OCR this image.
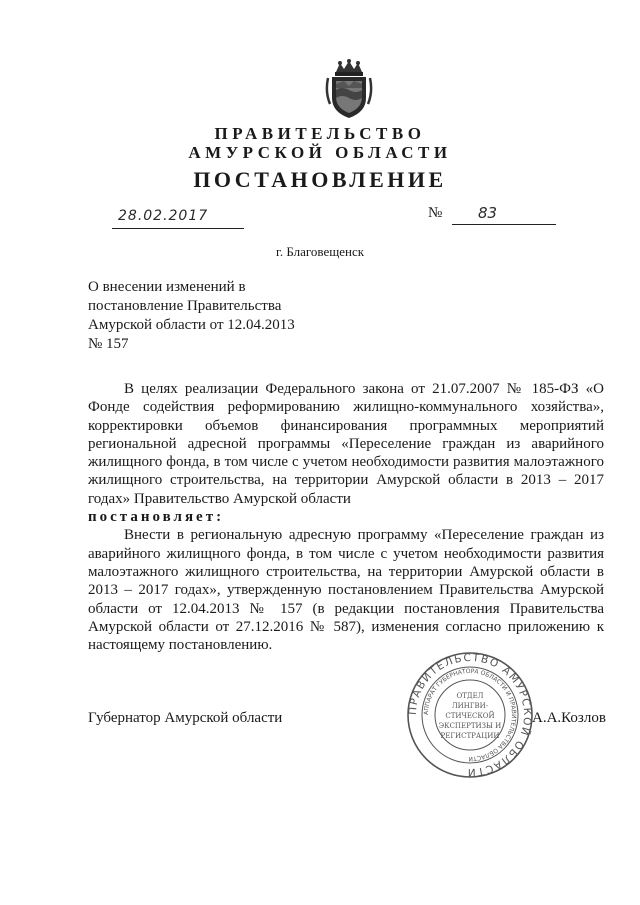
ПРАВИТЕЛЬСТВО
АМУРСКОЙ ОБЛАСТИ
ПОСТАНОВЛЕНИЕ
28.02.2017	№ 83
г. Благовещенск
О внесении изменений в
постановление Правительства
Амурской области от 12.04.2013
№ 157

В целях реализации Федерального закона от 21.07.2007 № 185-ФЗ «О Фонде содействия реформированию жилищно-коммунального хозяйства», корректировки объемов финансирования программных мероприятий региональной адресной программы «Переселение граждан из аварийного жилищного фонда, в том числе с учетом необходимости развития малоэтажного жилищного строительства, на территории Амурской области в 2013 – 2017 годах» Правительство Амурской области

постановляет:

Внести в региональную адресную программу «Переселение граждан из аварийного жилищного фонда, в том числе с учетом необходимости развития малоэтажного жилищного строительства, на территории Амурской области в 2013 – 2017 годах», утвержденную постановлением Правительства Амурской области от 12.04.2013 № 157 (в редакции постановления Правительства Амурской области от 27.12.2016 № 587), изменения согласно приложению к настоящему постановлению.

Губернатор Амурской области	А.А.Козлов
ПРАВИТЕЛЬСТВО АМУРСКОЙ ОБЛАСТИ
АППАРАТ ГУБЕРНАТОРА ОБЛАСТИ И ПРАВИТЕЛЬСТВА ОБЛАСТИ
ОТДЕЛ
ЛИНГВИ-
СТИЧЕСКОЙ
ЭКСПЕРТИЗЫ И
РЕГИСТРАЦИИ
